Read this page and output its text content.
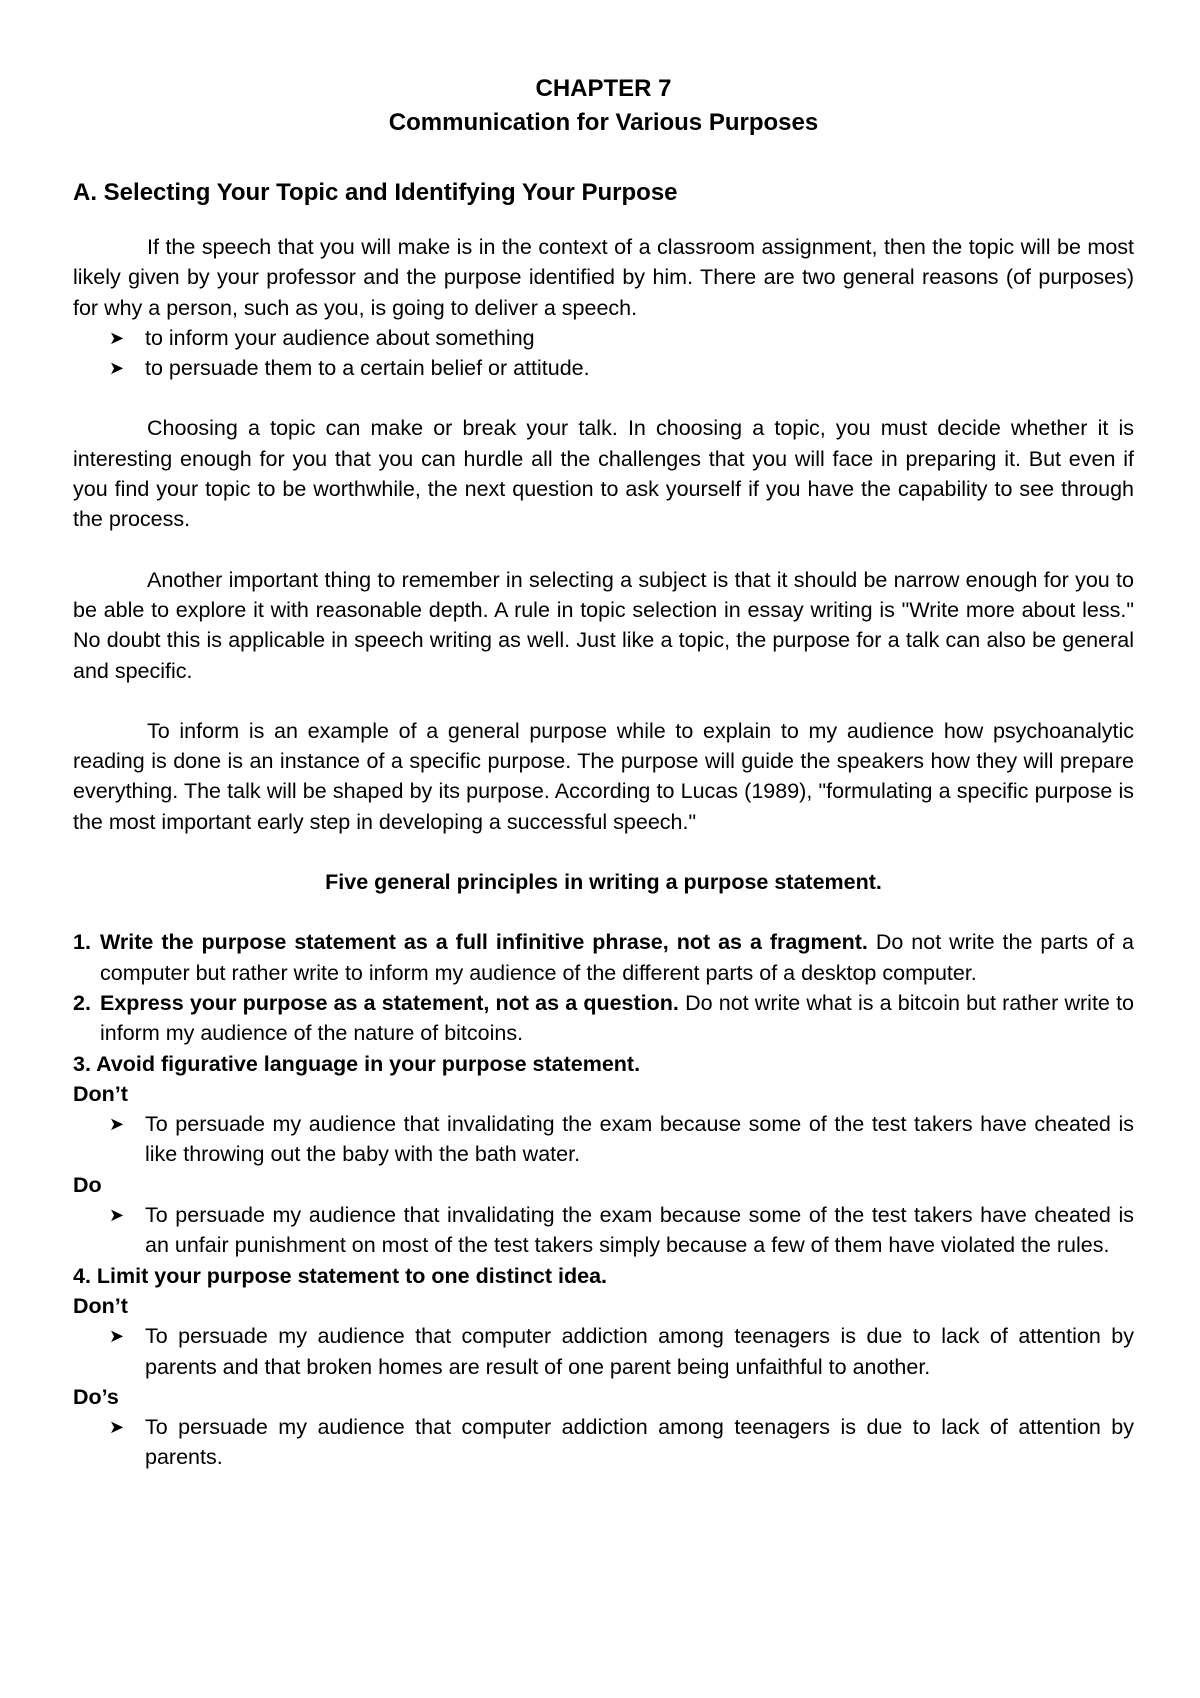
CHAPTER 7
Communication for Various Purposes
A. Selecting Your Topic and Identifying Your Purpose

If the speech that you will make is in the context of a classroom assignment, then the topic will be most likely given by your professor and the purpose identified by him. There are two general reasons (of purposes) for why a person, such as you, is going to deliver a speech.

➤ to inform your audience about something
➤ to persuade them to a certain belief or attitude.

Choosing a topic can make or break your talk. In choosing a topic, you must decide whether it is interesting enough for you that you can hurdle all the challenges that you will face in preparing it. But even if you find your topic to be worthwhile, the next question to ask yourself if you have the capability to see through the process.

Another important thing to remember in selecting a subject is that it should be narrow enough for you to be able to explore it with reasonable depth. A rule in topic selection in essay writing is "Write more about less." No doubt this is applicable in speech writing as well. Just like a topic, the purpose for a talk can also be general and specific.

To inform is an example of a general purpose while to explain to my audience how psychoanalytic reading is done is an instance of a specific purpose. The purpose will guide the speakers how they will prepare everything. The talk will be shaped by its purpose. According to Lucas (1989), "formulating a specific purpose is the most important early step in developing a successful speech."

Five general principles in writing a purpose statement.
1. Write the purpose statement as a full infinitive phrase, not as a fragment. Do not write the parts of a computer but rather write to inform my audience of the different parts of a desktop computer.
2. Express your purpose as a statement, not as a question. Do not write what is a bitcoin but rather write to inform my audience of the nature of bitcoins.
3. Avoid figurative language in your purpose statement.
Don’t
➤ To persuade my audience that invalidating the exam because some of the test takers have cheated is like throwing out the baby with the bath water.
Do
➤ To persuade my audience that invalidating the exam because some of the test takers have cheated is an unfair punishment on most of the test takers simply because a few of them have violated the rules.
4. Limit your purpose statement to one distinct idea.
Don’t
➤ To persuade my audience that computer addiction among teenagers is due to lack of attention by parents and that broken homes are result of one parent being unfaithful to another.
Do’s
➤ To persuade my audience that computer addiction among teenagers is due to lack of attention by parents.
